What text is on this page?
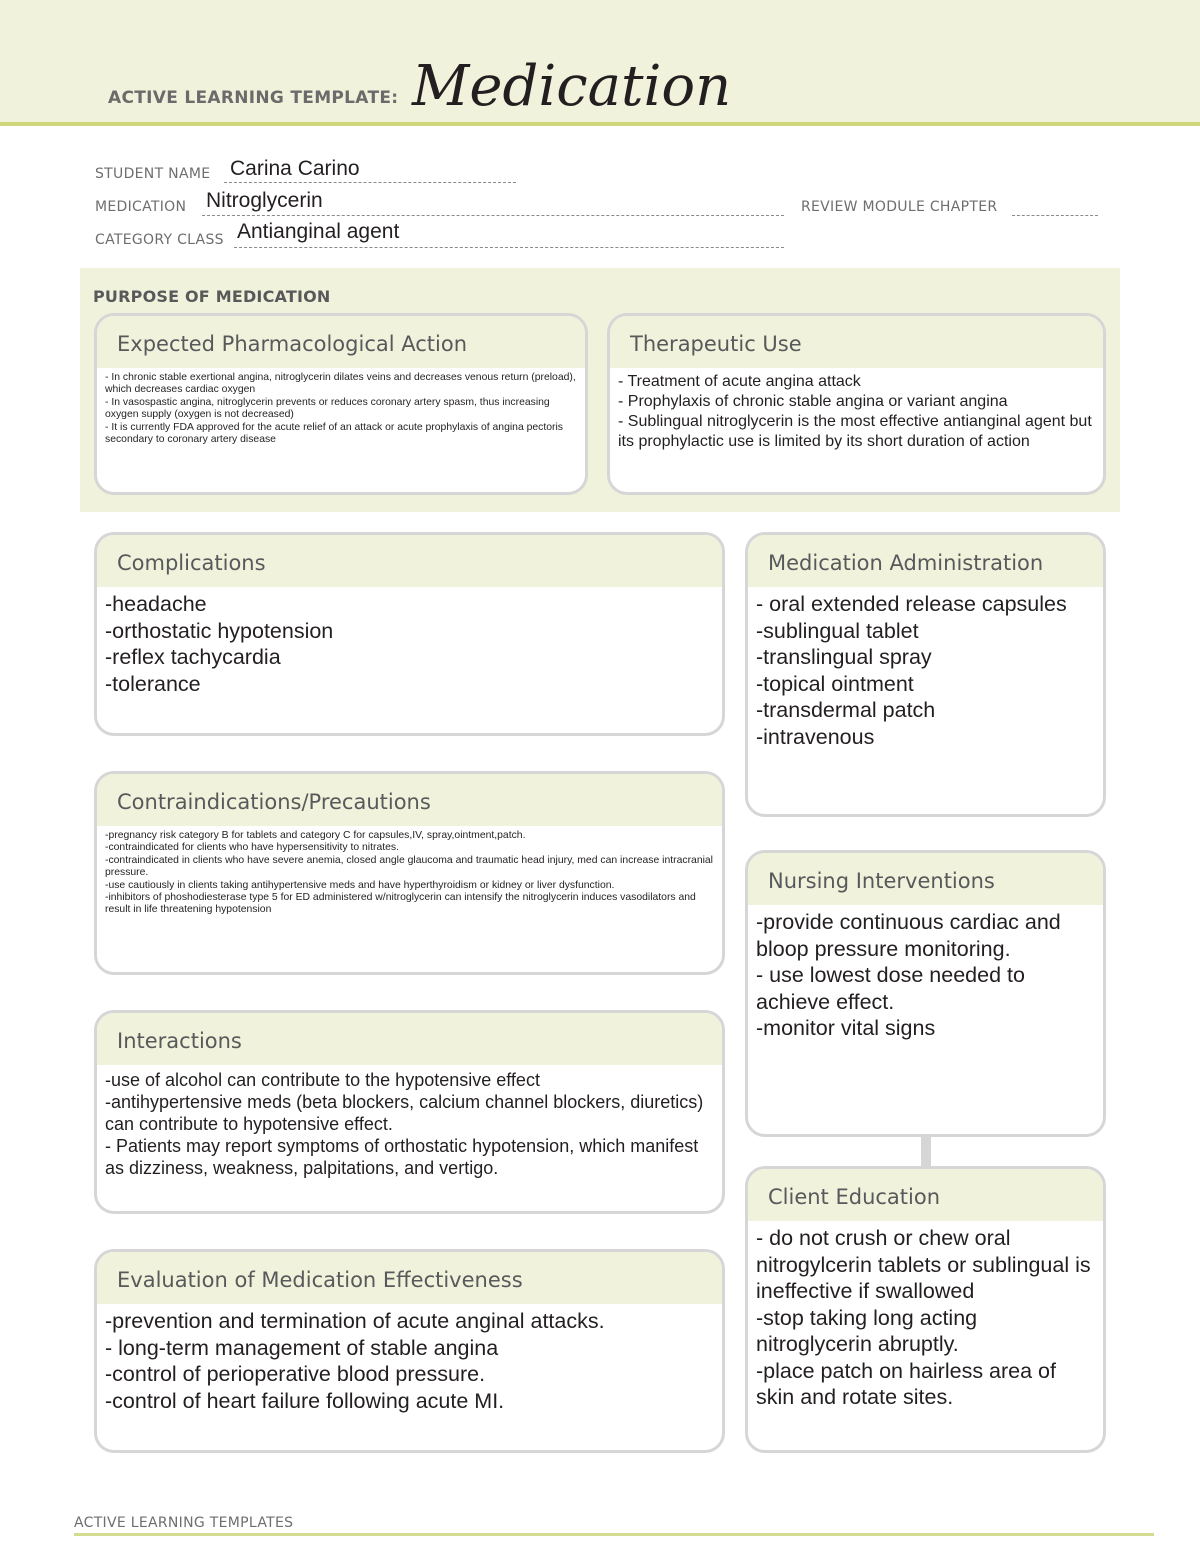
ACTIVE LEARNING TEMPLATE: Medication
STUDENT NAME Carina Carino
MEDICATION Nitroglycerin	REVIEW MODULE CHAPTER
CATEGORY CLASS Antianginal agent
PURPOSE OF MEDICATION
Expected Pharmacological Action
- In chronic stable exertional angina, nitroglycerin dilates veins and decreases venous return (preload), which decreases cardiac oxygen
- In vasospastic angina, nitroglycerin prevents or reduces coronary artery spasm, thus increasing oxygen supply (oxygen is not decreased)
- It is currently FDA approved for the acute relief of an attack or acute prophylaxis of angina pectoris secondary to coronary artery disease
Therapeutic Use
- Treatment of acute angina attack
- Prophylaxis of chronic stable angina or variant angina
- Sublingual nitroglycerin is the most effective antianginal agent but its prophylactic use is limited by its short duration of action
Complications
-headache
-orthostatic hypotension
-reflex tachycardia
-tolerance
Contraindications/Precautions
-pregnancy risk category B for tablets and category C for capsules,IV, spray,ointment,patch.
-contraindicated for clients who have hypersensitivity to nitrates.
-contraindicated in clients who have severe anemia, closed angle glaucoma and traumatic head injury, med can increase intracranial pressure.
-use cautiously in clients taking antihypertensive meds and have hyperthyroidism or kidney or liver dysfunction.
-inhibitors of phoshodiesterase type 5 for ED administered w/nitroglycerin can intensify the nitroglycerin induces vasodilators and result in life threatening hypotension
Interactions
-use of alcohol can contribute to the hypotensive effect
-antihypertensive meds (beta blockers, calcium channel blockers, diuretics) can contribute to hypotensive effect.
- Patients may report symptoms of orthostatic hypotension, which manifest as dizziness, weakness, palpitations, and vertigo.
Evaluation of Medication Effectiveness
-prevention and termination of acute anginal attacks.
- long-term management of stable angina
-control of perioperative blood pressure.
-control of heart failure following acute MI.
Medication Administration
- oral extended release capsules
-sublingual tablet
-translingual spray
-topical ointment
-transdermal patch
-intravenous
Nursing Interventions
-provide continuous cardiac and bloop pressure monitoring.
- use lowest dose needed to achieve effect.
-monitor vital signs
Client Education
- do not crush or chew oral nitrogylcerin tablets or sublingual is ineffective if swallowed
-stop taking long acting nitroglycerin abruptly.
-place patch on hairless area of skin and rotate sites.
ACTIVE LEARNING TEMPLATES
